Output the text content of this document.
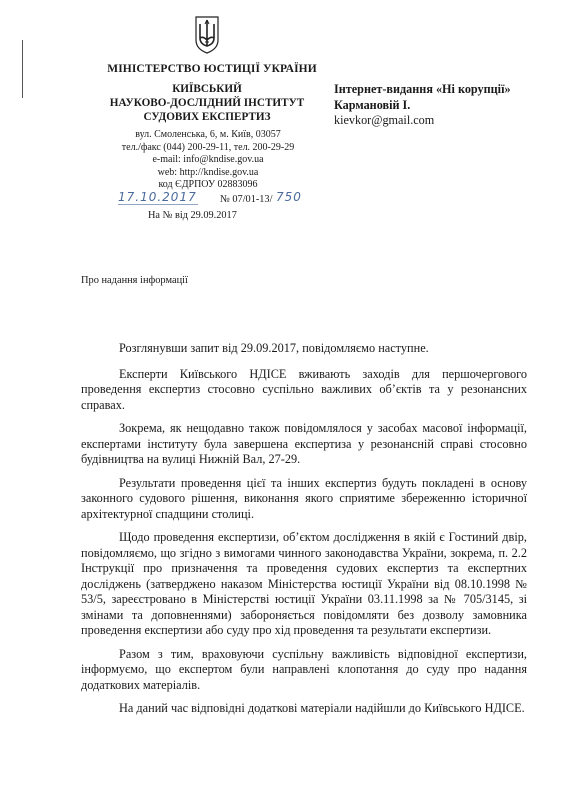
МІНІСТЕРСТВО ЮСТИЦІЇ УКРАЇНИ
КИЇВСЬКИЙ
НАУКОВО-ДОСЛІДНИЙ ІНСТИТУТ
СУДОВИХ ЕКСПЕРТИЗ
вул. Смоленська, 6, м. Київ, 03057
тел./факс (044) 200-29-11, тел. 200-29-29
e-mail: info@kndise.gov.ua
web: http://kndise.gov.ua
код ЄДРПОУ 02883096
17.10.2017 № 07/01-13/ 750
На № від 29.09.2017
Інтернет-видання «Ні корупції»
Кармановій І.
kievkor@gmail.com
Про надання інформації

Розглянувши запит від 29.09.2017, повідомляємо наступне.

Експерти Київського НДІСЕ вживають заходів для першочергового проведення експертиз стосовно суспільно важливих об’єктів та у резонансних справах.

Зокрема, як нещодавно також повідомлялося у засобах масової інформації, експертами інституту була завершена експертиза у резонансній справі стосовно будівництва на вулиці Нижній Вал, 27-29.

Результати проведення цієї та інших експертиз будуть покладені в основу законного судового рішення, виконання якого сприятиме збереженню історичної архітектурної спадщини столиці.

Щодо проведення експертизи, об’єктом дослідження в якій є Гостиний двір, повідомляємо, що згідно з вимогами чинного законодавства України, зокрема, п. 2.2 Інструкції про призначення та проведення судових експертиз та експертних досліджень (затверджено наказом Міністерства юстиції України від 08.10.1998 № 53/5, зареєстровано в Міністерстві юстиції України 03.11.1998 за № 705/3145, зі змінами та доповненнями) забороняється повідомляти без дозволу замовника проведення експертизи або суду про хід проведення та результати експертизи.

Разом з тим, враховуючи суспільну важливість відповідної експертизи, інформуємо, що експертом були направлені клопотання до суду про надання додаткових матеріалів.

На даний час відповідні додаткові матеріали надійшли до Київського НДІСЕ.
